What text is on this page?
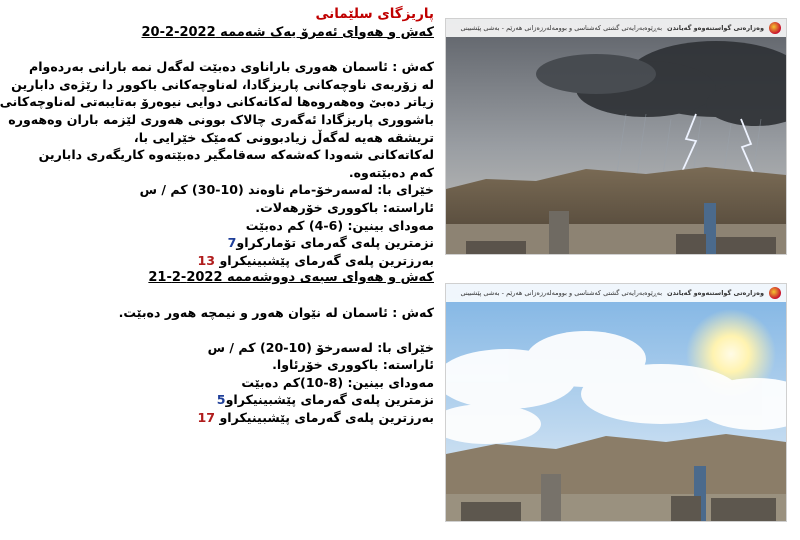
پاریزگای سلێمانی
کەش و هەوای ئەمرۆ یەک شەممە 2022-2-20
کەش : ئاسمان هەوری باراناوی دەبێت لەگەل نمە بارانی بەردەوام
لە زۆربەی ناوچەکانی پاریزگادا، لەناوچەکانی باکوور دا رێژەی دابارین
زیاتر دەبێ وەهەروەها لەکاتەکانی دوایی نیوەرۆ بەتایبەتی لەناوچەکانی
باشووری پاریزگادا ئەگەری چالاک بوونی هەوری لێزمە باران وەهەورە
تریشقە هەیە لەگەڵ زیادبوونی کەمێک خێرایی با،
لەکاتەکانی شەودا کەشەکە سەقامگیر دەبێتەوە کاریگەری دابارین
کەم دەبێتەوە.
خێرای با: لەسەرخۆ-مام ناوەند (10-30) کم / س
ئاراستە: باکووری خۆرهەلات.
مەودای بینین: (6-4) کم دەبێت
نزمترین پلەی گەرمای تۆمارکراو7
بەرزترین پلەی گەرمای پێشبینیکراو 13
کەش و هەوای سبەی دووشەممە 2022-2-21
کەش : ئاسمان لە نێوان هەور و نیمچە هەور دەبێت.
خێرای با: لەسەرخۆ (10-20) کم / س
ئاراستە: باکووری خۆرئاوا.
مەودای بینین: (8-10)کم دەبێت
نزمترین پلەی گەرمای پێشبینیکراو5
بەرزترین پلەی گەرمای پێشبینیکراو 17
وەزارەتی گواستنەوەو گەیاندن
بەڕێوەبەرایەتی گشتی کەشناسی و بوومەلەرزەزانی هەرێم - بەشی پێشبینی
وەزارەتی گواستنەوەو گەیاندن
بەڕێوەبەرایەتی گشتی کەشناسی و بوومەلەرزەزانی هەرێم - بەشی پێشبینی
